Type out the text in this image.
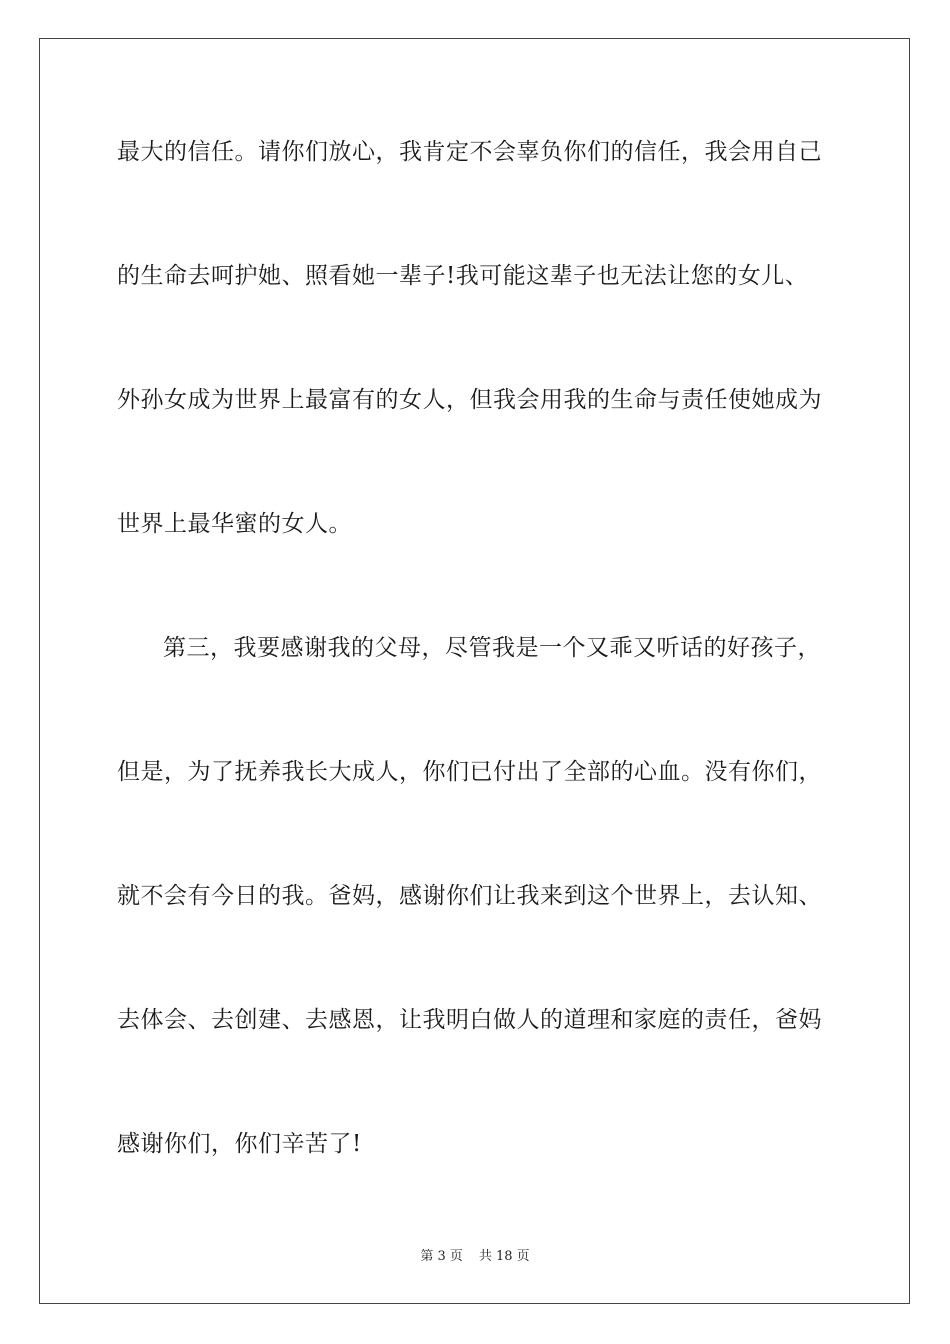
最大的信任。请你们放心，我肯定不会辜负你们的信任，我会用自己
的生命去呵护她、照看她一辈子!我可能这辈子也无法让您的女儿、
外孙女成为世界上最富有的女人，但我会用我的生命与责任使她成为
世界上最华蜜的女人。
第三，我要感谢我的父母，尽管我是一个又乖又听话的好孩子，
但是，为了抚养我长大成人，你们已付出了全部的心血。没有你们，
就不会有今日的我。爸妈，感谢你们让我来到这个世界上，去认知、
去体会、去创建、去感恩，让我明白做人的道理和家庭的责任，爸妈
感谢你们，你们辛苦了!
第 3 页 共 18 页
